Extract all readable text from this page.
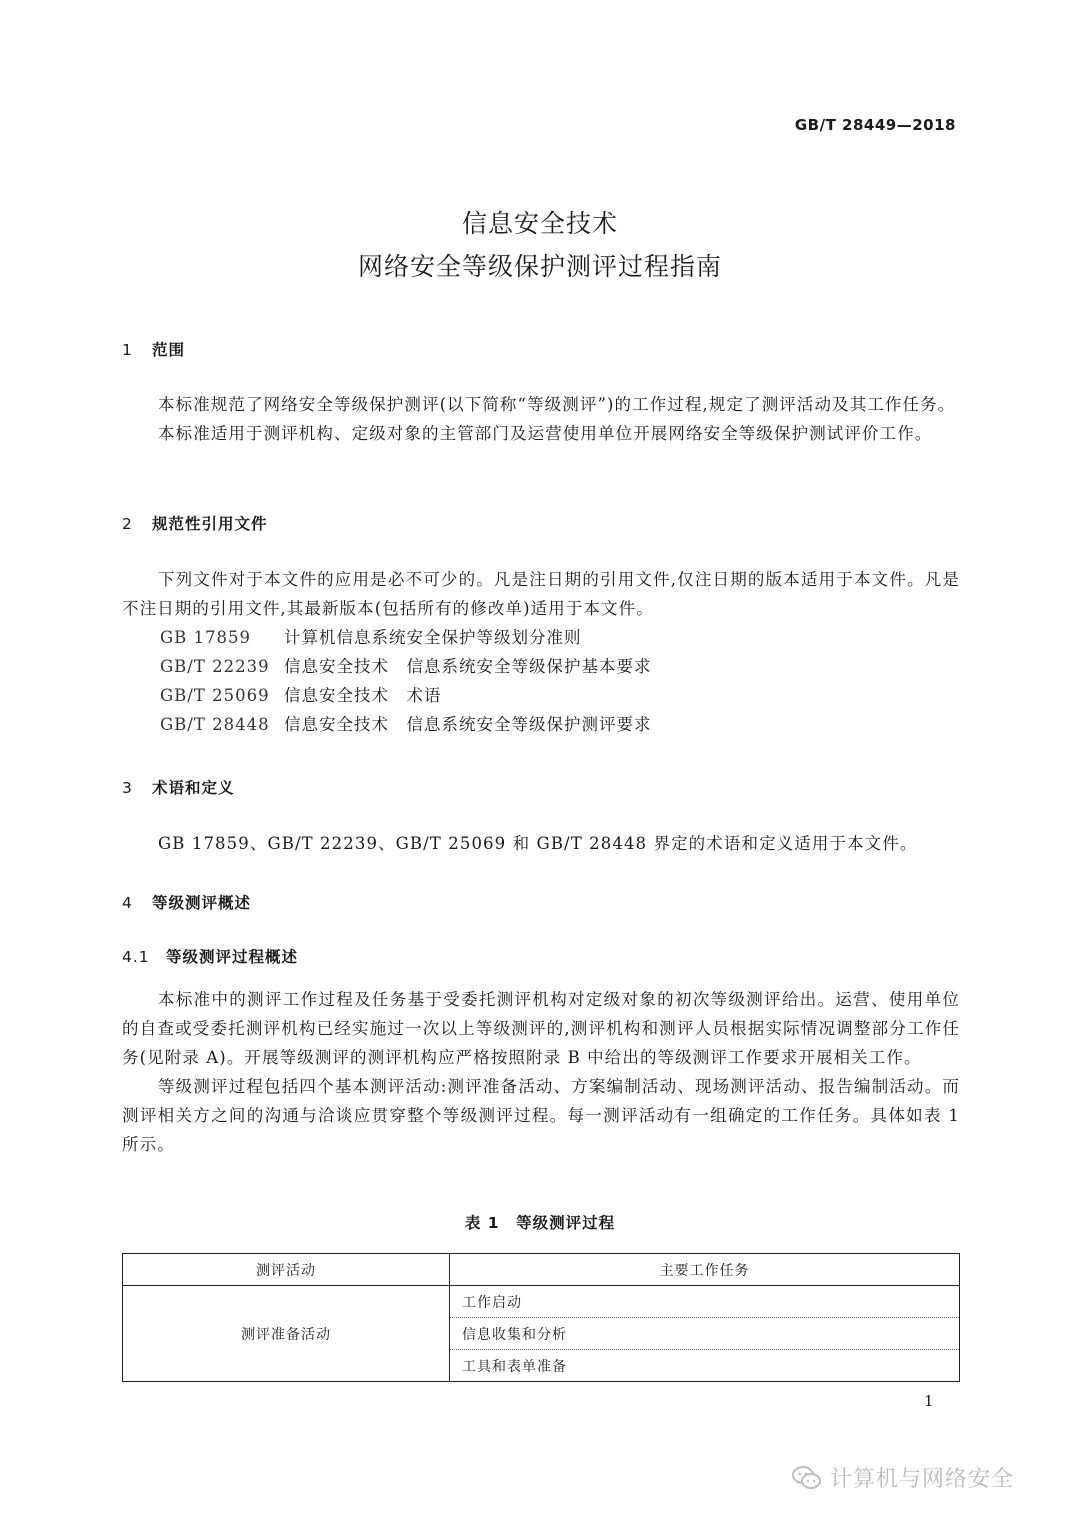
GB/T 28449—2018
信息安全技术
网络安全等级保护测评过程指南
1 范围

本标准规范了网络安全等级保护测评(以下简称“等级测评”)的工作过程,规定了测评活动及其工作任务。

本标准适用于测评机构、定级对象的主管部门及运营使用单位开展网络安全等级保护测试评价工作。

2 规范性引用文件

下列文件对于本文件的应用是必不可少的。凡是注日期的引用文件,仅注日期的版本适用于本文件。凡是不注日期的引用文件,其最新版本(包括所有的修改单)适用于本文件。

GB 17859 计算机信息系统安全保护等级划分准则
GB/T 22239 信息安全技术　信息系统安全等级保护基本要求
GB/T 25069 信息安全技术　术语
GB/T 28448 信息安全技术　信息系统安全等级保护测评要求
3 术语和定义

GB 17859、GB/T 22239、GB/T 25069 和 GB/T 28448 界定的术语和定义适用于本文件。

4 等级测评概述
4.1 等级测评过程概述

本标准中的测评工作过程及任务基于受委托测评机构对定级对象的初次等级测评给出。运营、使用单位的自查或受委托测评机构已经实施过一次以上等级测评的,测评机构和测评人员根据实际情况调整部分工作任务(见附录 A)。开展等级测评的测评机构应严格按照附录 B 中给出的等级测评工作要求开展相关工作。

等级测评过程包括四个基本测评活动:测评准备活动、方案编制活动、现场测评活动、报告编制活动。而测评相关方之间的沟通与洽谈应贯穿整个等级测评过程。每一测评活动有一组确定的工作任务。具体如表 1 所示。

表 1　等级测评过程
测评活动	主要工作任务
测评准备活动	工作启动
	信息收集和分析
	工具和表单准备
1
计算机与网络安全
